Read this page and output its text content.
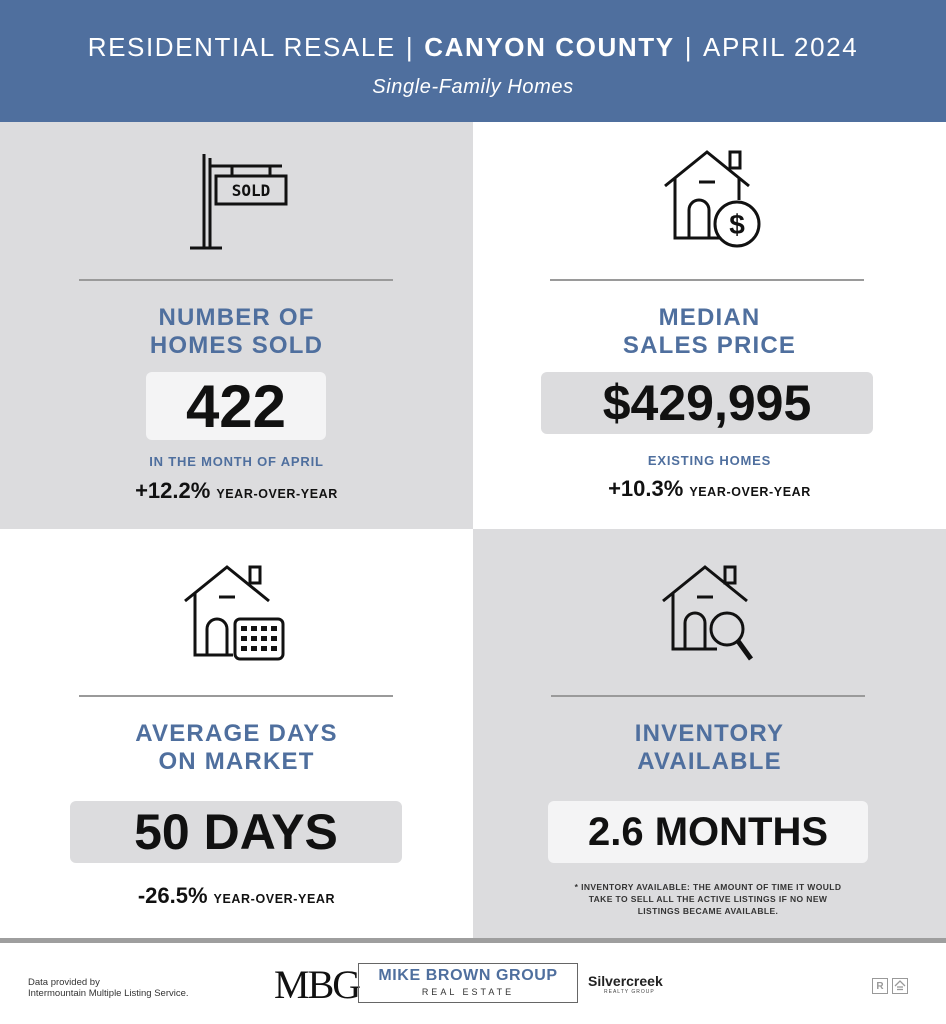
RESIDENTIAL RESALE | CANYON COUNTY | APRIL 2024
Single-Family Homes
SOLD
NUMBER OF
HOMES SOLD
422
IN THE MONTH OF APRIL
+12.2% YEAR-OVER-YEAR
$
MEDIAN
SALES PRICE
$429,995
EXISTING HOMES
+10.3% YEAR-OVER-YEAR
AVERAGE DAYS
ON MARKET
50 DAYS
-26.5% YEAR-OVER-YEAR
INVENTORY
AVAILABLE
2.6 MONTHS
* INVENTORY AVAILABLE: THE AMOUNT OF TIME IT WOULD
TAKE TO SELL ALL THE ACTIVE LISTINGS IF NO NEW
LISTINGS BECAME AVAILABLE.
Data provided by
Intermountain Multiple Listing Service. MBG	MIKE BROWN GROUP
REAL ESTATE
Silvercreek
REALTY GROUP
R
